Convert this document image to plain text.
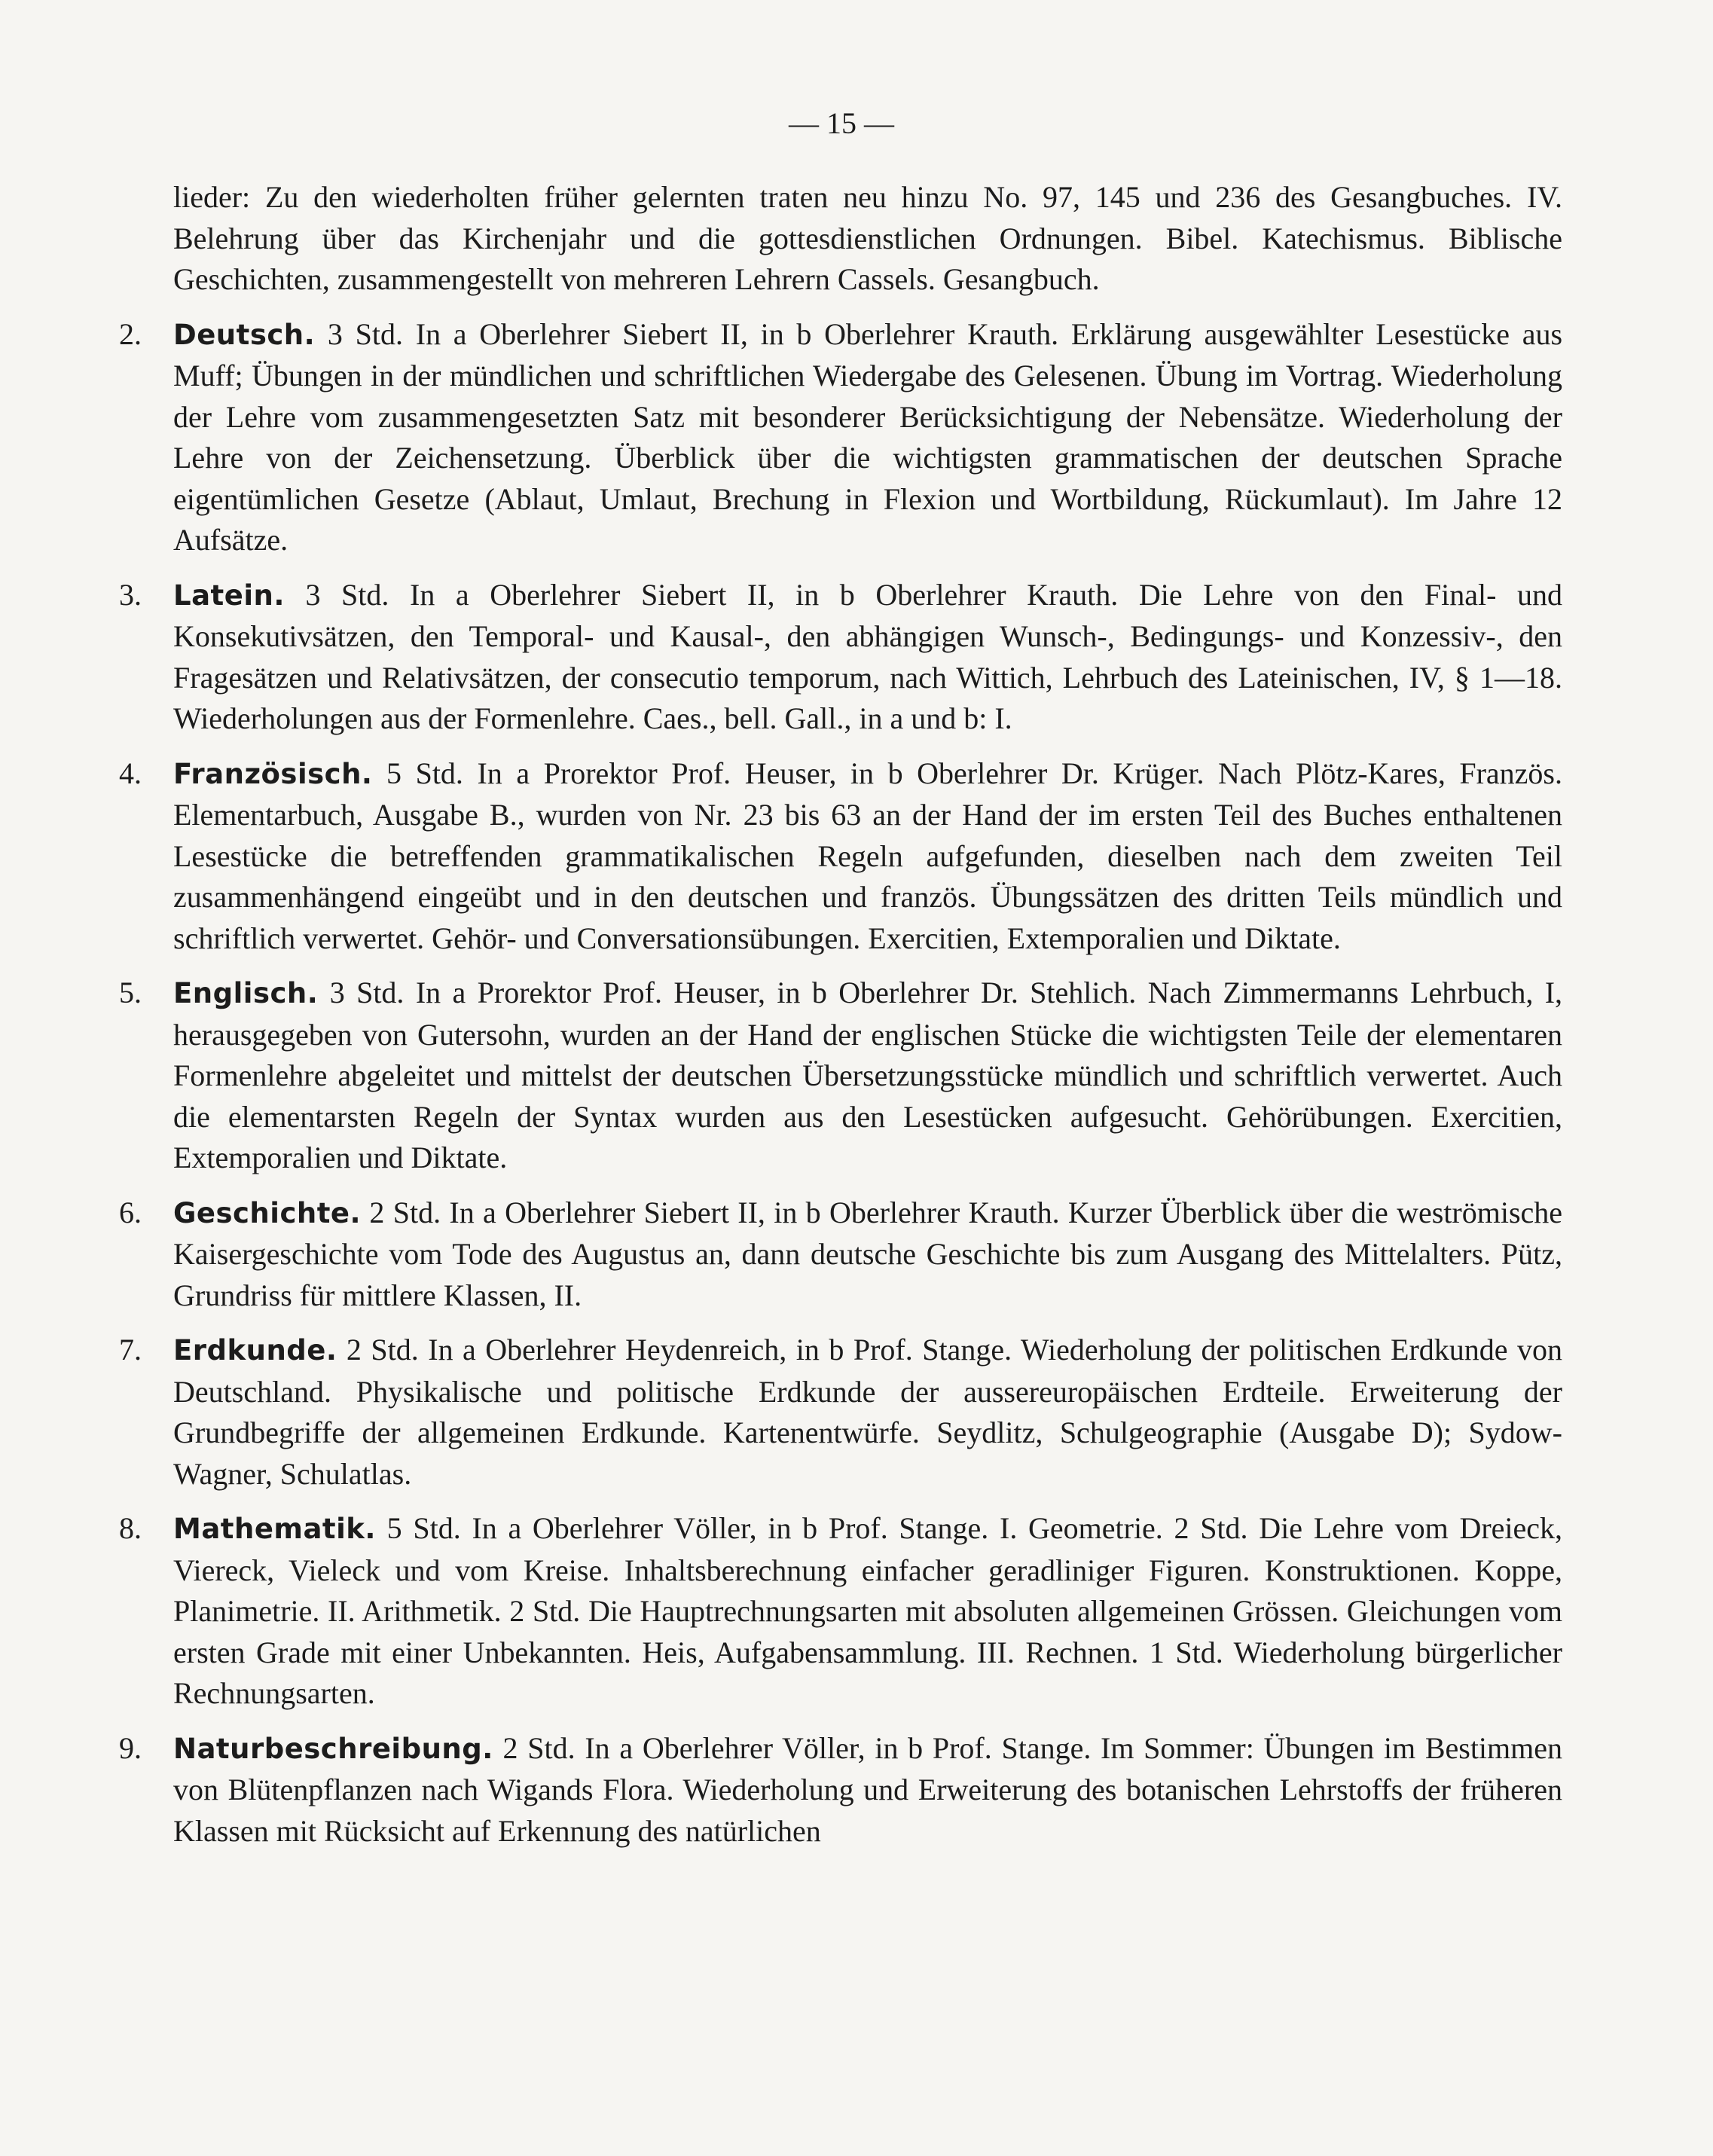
— 15 —
lieder: Zu den wiederholten früher gelernten traten neu hinzu No. 97, 145 und 236 des Gesangbuches. IV. Belehrung über das Kirchenjahr und die gottesdienstlichen Ordnungen. Bibel. Katechismus. Biblische Geschichten, zusammengestellt von mehreren Lehrern Cassels. Gesangbuch.
2.	Deutsch. 3 Std. In a Oberlehrer Siebert II, in b Oberlehrer Krauth. Erklärung ausgewählter Lesestücke aus Muff; Übungen in der mündlichen und schriftlichen Wiedergabe des Gelesenen. Übung im Vortrag. Wiederholung der Lehre vom zusammengesetzten Satz mit besonderer Berücksichtigung der Nebensätze. Wiederholung der Lehre von der Zeichensetzung. Überblick über die wichtigsten grammatischen der deutschen Sprache eigentümlichen Gesetze (Ablaut, Umlaut, Brechung in Flexion und Wortbildung, Rückumlaut). Im Jahre 12 Aufsätze.
3.	Latein. 3 Std. In a Oberlehrer Siebert II, in b Oberlehrer Krauth. Die Lehre von den Final- und Konsekutivsätzen, den Temporal- und Kausal-, den abhängigen Wunsch-, Bedingungs- und Konzessiv-, den Fragesätzen und Relativsätzen, der consecutio temporum, nach Wittich, Lehrbuch des Lateinischen, IV, § 1—18. Wiederholungen aus der Formenlehre. Caes., bell. Gall., in a und b: I.
4.	Französisch. 5 Std. In a Prorektor Prof. Heuser, in b Oberlehrer Dr. Krüger. Nach Plötz-Kares, Französ. Elementarbuch, Ausgabe B., wurden von Nr. 23 bis 63 an der Hand der im ersten Teil des Buches enthaltenen Lesestücke die betreffenden grammatikalischen Regeln aufgefunden, dieselben nach dem zweiten Teil zusammenhängend eingeübt und in den deutschen und französ. Übungssätzen des dritten Teils mündlich und schriftlich verwertet. Gehör- und Conversationsübungen. Exercitien, Extemporalien und Diktate.
5.	Englisch. 3 Std. In a Prorektor Prof. Heuser, in b Oberlehrer Dr. Stehlich. Nach Zimmermanns Lehrbuch, I, herausgegeben von Gutersohn, wurden an der Hand der englischen Stücke die wichtigsten Teile der elementaren Formenlehre abgeleitet und mittelst der deutschen Übersetzungsstücke mündlich und schriftlich verwertet. Auch die elementarsten Regeln der Syntax wurden aus den Lesestücken aufgesucht. Gehörübungen. Exercitien, Extemporalien und Diktate.
6.	Geschichte. 2 Std. In a Oberlehrer Siebert II, in b Oberlehrer Krauth. Kurzer Überblick über die weströmische Kaisergeschichte vom Tode des Augustus an, dann deutsche Geschichte bis zum Ausgang des Mittelalters. Pütz, Grundriss für mittlere Klassen, II.
7.	Erdkunde. 2 Std. In a Oberlehrer Heydenreich, in b Prof. Stange. Wiederholung der politischen Erdkunde von Deutschland. Physikalische und politische Erdkunde der aussereuropäischen Erdteile. Erweiterung der Grundbegriffe der allgemeinen Erdkunde. Kartenentwürfe. Seydlitz, Schulgeographie (Ausgabe D); Sydow-Wagner, Schulatlas.
8.	Mathematik. 5 Std. In a Oberlehrer Völler, in b Prof. Stange. I. Geometrie. 2 Std. Die Lehre vom Dreieck, Viereck, Vieleck und vom Kreise. Inhaltsberechnung einfacher geradliniger Figuren. Konstruktionen. Koppe, Planimetrie. II. Arithmetik. 2 Std. Die Hauptrechnungsarten mit absoluten allgemeinen Grössen. Gleichungen vom ersten Grade mit einer Unbekannten. Heis, Aufgabensammlung. III. Rechnen. 1 Std. Wiederholung bürgerlicher Rechnungsarten.
9.	Naturbeschreibung. 2 Std. In a Oberlehrer Völler, in b Prof. Stange. Im Sommer: Übungen im Bestimmen von Blütenpflanzen nach Wigands Flora. Wiederholung und Erweiterung des botanischen Lehrstoffs der früheren Klassen mit Rücksicht auf Erkennung des natürlichen
